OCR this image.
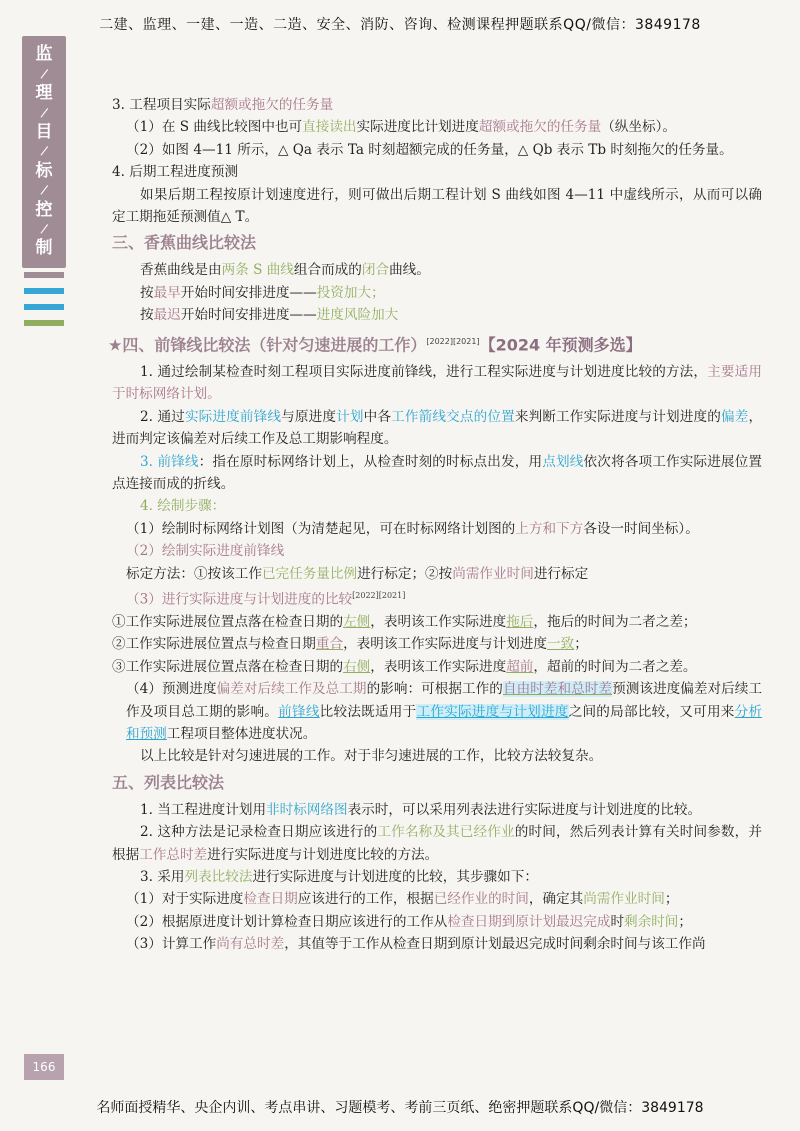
二建、监理、一建、一造、二造、安全、消防、咨询、检测课程押题联系QQ/微信：3849178
监
/
理
/
目
/
标
/
控
/
制

3. 工程项目实际超额或拖欠的任务量

（1）在 S 曲线比较图中也可直接读出实际进度比计划进度超额或拖欠的任务量（纵坐标）。

（2）如图 4—11 所示，△ Qa 表示 Ta 时刻超额完成的任务量，△ Qb 表示 Tb 时刻拖欠的任务量。

4. 后期工程进度预测

如果后期工程按原计划速度进行，则可做出后期工程计划 S 曲线如图 4—11 中虚线所示，从而可以确定工期拖延预测值△ T。

三、香蕉曲线比较法

香蕉曲线是由两条 S 曲线组合而成的闭合曲线。

按最早开始时间安排进度——投资加大；

按最迟开始时间安排进度——进度风险加大

★四、前锋线比较法（针对匀速进展的工作）[2022][2021]【2024 年预测多选】

1. 通过绘制某检查时刻工程项目实际进度前锋线，进行工程实际进度与计划进度比较的方法，主要适用于时标网络计划。

2. 通过实际进度前锋线与原进度计划中各工作箭线交点的位置来判断工作实际进度与计划进度的偏差，进而判定该偏差对后续工作及总工期影响程度。

3. 前锋线：指在原时标网络计划上，从检查时刻的时标点出发，用点划线依次将各项工作实际进展位置点连接而成的折线。

4. 绘制步骤：

（1）绘制时标网络计划图（为清楚起见，可在时标网络计划图的上方和下方各设一时间坐标）。

（2）绘制实际进度前锋线

标定方法：①按该工作已完任务量比例进行标定；②按尚需作业时间进行标定

（3）进行实际进度与计划进度的比较[2022][2021]

①工作实际进展位置点落在检查日期的左侧，表明该工作实际进度拖后，拖后的时间为二者之差；

②工作实际进展位置点与检查日期重合，表明该工作实际进度与计划进度一致；

③工作实际进展位置点落在检查日期的右侧，表明该工作实际进度超前，超前的时间为二者之差。

（4）预测进度偏差对后续工作及总工期的影响：可根据工作的自由时差和总时差预测该进度偏差对后续工作及项目总工期的影响。前锋线比较法既适用于工作实际进度与计划进度之间的局部比较，又可用来分析和预测工程项目整体进度状况。

以上比较是针对匀速进展的工作。对于非匀速进展的工作，比较方法较复杂。

五、列表比较法

1. 当工程进度计划用非时标网络图表示时，可以采用列表法进行实际进度与计划进度的比较。

2. 这种方法是记录检查日期应该进行的工作名称及其已经作业的时间，然后列表计算有关时间参数，并根据工作总时差进行实际进度与计划进度比较的方法。

3. 采用列表比较法进行实际进度与计划进度的比较，其步骤如下：

（1）对于实际进度检查日期应该进行的工作，根据已经作业的时间，确定其尚需作业时间；

（2）根据原进度计划计算检查日期应该进行的工作从检查日期到原计划最迟完成时剩余时间；

（3）计算工作尚有总时差，其值等于工作从检查日期到原计划最迟完成时间剩余时间与该工作尚

166
名师面授精华、央企内训、考点串讲、习题模考、考前三页纸、绝密押题联系QQ/微信：3849178
